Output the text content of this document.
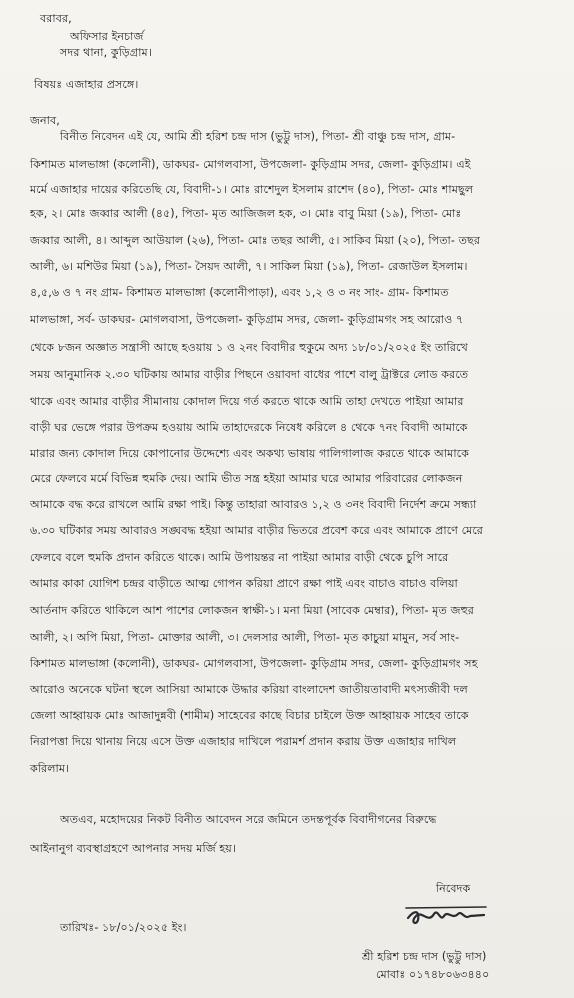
বরাবর,
অফিসার ইনচার্জ
সদর থানা, কুড়িগ্রাম।
বিষয়ঃ এজাহার প্রসঙ্গে।
জনাব,
বিনীত নিবেদন এই যে, আমি শ্রী হরিশ চন্দ্র দাস (ভুট্টু দাস), পিতা- শ্রী বাঞ্চু চন্দ্র দাস, গ্রাম-
কিশামত মালভাঙ্গা (কলোনী), ডাকঘর- মোগলবাসা, উপজেলা- কুড়িগ্রাম সদর, জেলা- কুড়িগ্রাম। এই
মর্মে এজাহার দায়ের করিতেছি যে, বিবাদী-১। মোঃ রাশেদুল ইসলাম রাশেদ (৪০), পিতা- মোঃ শামছুল
হক, ২। মোঃ জব্বার আলী (৪৫), পিতা- মৃত আজিজল হক, ৩। মোঃ বাবু মিয়া (১৯), পিতা- মোঃ
জব্বার আলী, ৪। আব্দুল আউয়াল (২৬), পিতা- মোঃ তছর আলী, ৫। সাকিব মিয়া (২০), পিতা- তছর
আলী, ৬। মশিউর মিয়া (১৯), পিতা- সৈয়দ আলী, ৭। সাকিল মিয়া (১৯), পিতা- রেজাউল ইসলাম।
৪,৫,৬ ও ৭ নং গ্রাম- কিশামত মালভাঙ্গা (কলোনীপাড়া), এবং ১,২ ও ৩ নং সাং- গ্রাম- কিশামত
মালভাঙ্গা, সর্ব- ডাকঘর- মোগলবাসা, উপজেলা- কুড়িগ্রাম সদর, জেলা- কুড়িগ্রামগং সহ আরোও ৭
থেকে ৮জন অজ্ঞাত সন্ত্রাসী আছে হওয়ায় ১ ও ২নং বিবাদীর হুকুমে অদ্য ১৮/০১/২০২৫ ইং তারিখে
সময় আনুমানিক ২.৩০ ঘটিকায় আমার বাড়ীর পিছনে ওয়াবদা বাধের পাশে বালু ট্রাক্টরে লোড করতে
থাকে এবং আমার বাড়ীর সীমানায় কোদাল দিয়ে গর্ত করতে থাকে আমি তাহা দেখতে পাইয়া আমার
বাড়ী ঘর ভেঙ্গে পরার উপক্রম হওয়ায় আমি তাহাদেরকে নিষেধ করিলে ৪ থেকে ৭নং বিবাদী আমাকে
মারার জন্য কোদাল দিয়ে কোপানোর উদ্দেশ্যে এবং অকথ্য ভাষায় গালিগালাজ করতে থাকে আমাকে
মেরে ফেলবে মর্মে বিভিন্ন হুমকি দেয়। আমি ভীত সন্ত্র হইয়া আমার ঘরে আমার পরিবারের লোকজন
আমাকে বদ্ধ করে রাখলে আমি রক্ষা পাই। কিন্তু তাহারা আবারও ১,২ ও ৩নং বিবাদী নির্দেশ ক্রমে সন্ধ্যা
৬.৩০ ঘটিকার সময় আবারও সঙ্ঘবদ্ধ হইয়া আমার বাড়ীর ভিতরে প্রবেশ করে এবং আমাকে প্রাণে মেরে
ফেলবে বলে হুমকি প্রদান করিতে থাকে। আমি উপায়ন্তর না পাইয়া আমার বাড়ী থেকে চুপি সারে
আমার কাকা যোগিশ চন্দ্রর বাড়ীতে আত্ম গোপন করিয়া প্রাণে রক্ষা পাই এবং বাচাও বাচাও বলিয়া
আর্তনাদ করিতে থাকিলে আশ পাশের লোকজন স্বাক্ষী-১। মনা মিয়া (সাবেক মেম্বার), পিতা- মৃত জহুর
আলী, ২। অপি মিয়া, পিতা- মোক্তার আলী, ৩। দেলসার আলী, পিতা- মৃত কাচুয়া মামুন, সর্ব সাং-
কিশামত মালভাঙ্গা (কলোনী), ডাকঘর- মোগলবাসা, উপজেলা- কুড়িগ্রাম সদর, জেলা- কুড়িগ্রামগং সহ
আরোও অনেকে ঘটনা স্থলে আসিয়া আমাকে উদ্ধার করিয়া বাংলাদেশ জাতীয়তাবাদী মৎস্যজীবী দল
জেলা আহ্বায়ক মোঃ আজাদুন্নবী (শামীম) সাহেবের কাছে বিচার চাইলে উক্ত আহ্বায়ক সাহেব তাকে
নিরাপত্তা দিয়ে থানায় নিয়ে এসে উক্ত এজাহার দাখিলে পরামর্শ প্রদান করায় উক্ত এজাহার দাখিল
করিলাম।
অতএব, মহোদয়ের নিকট বিনীত আবেদন সরে জমিনে তদন্তপূর্বক বিবাদীগনের বিরুদ্ধে
আইনানুগ ব্যবস্থাগ্রহণে আপনার সদয় মর্জি হয়।
নিবেদক
হরিশ
তারিখঃ- ১৮/০১/২০২৫ ইং।
শ্রী হরিশ চন্দ্র দাস (ভুট্টু দাস)
মোবাঃ ০১৭৪৮০৬৩৪৪০
